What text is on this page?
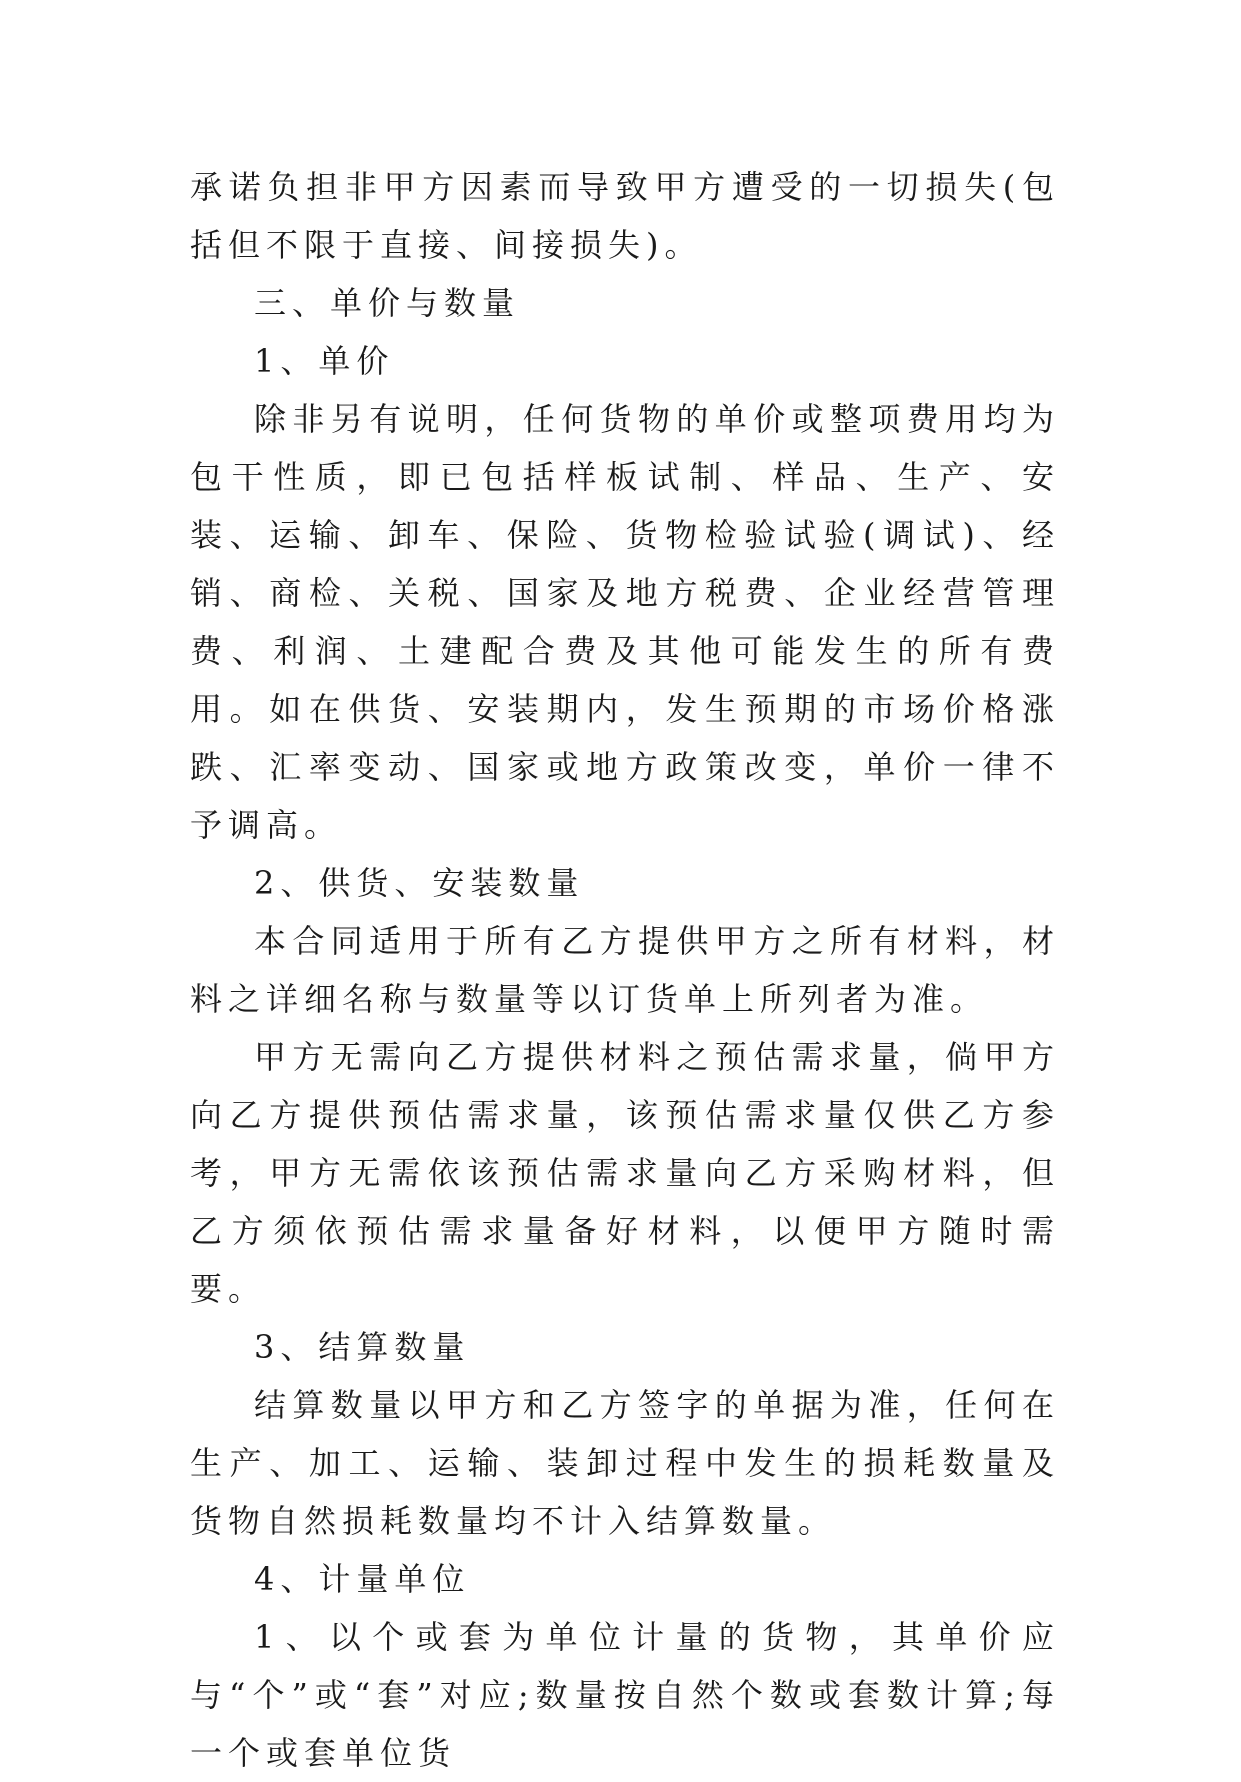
承诺负担非甲方因素而导致甲方遭受的一切损失(包括但不限于直接、间接损失)。

三、单价与数量

1、单价

除非另有说明，任何货物的单价或整项费用均为包干性质，即已包括样板试制、样品、生产、安装、运输、卸车、保险、货物检验试验(调试)、经销、商检、关税、国家及地方税费、企业经营管理费、利润、土建配合费及其他可能发生的所有费用。如在供货、安装期内，发生预期的市场价格涨跌、汇率变动、国家或地方政策改变，单价一律不予调高。

2、供货、安装数量

本合同适用于所有乙方提供甲方之所有材料，材料之详细名称与数量等以订货单上所列者为准。

甲方无需向乙方提供材料之预估需求量，倘甲方向乙方提供预估需求量，该预估需求量仅供乙方参考，甲方无需依该预估需求量向乙方采购材料，但乙方须依预估需求量备好材料，以便甲方随时需要。

3、结算数量

结算数量以甲方和乙方签字的单据为准，任何在生产、加工、运输、装卸过程中发生的损耗数量及货物自然损耗数量均不计入结算数量。

4、计量单位

1、以个或套为单位计量的货物，其单价应与“个”或“套”对应;数量按自然个数或套数计算;每一个或套单位货
